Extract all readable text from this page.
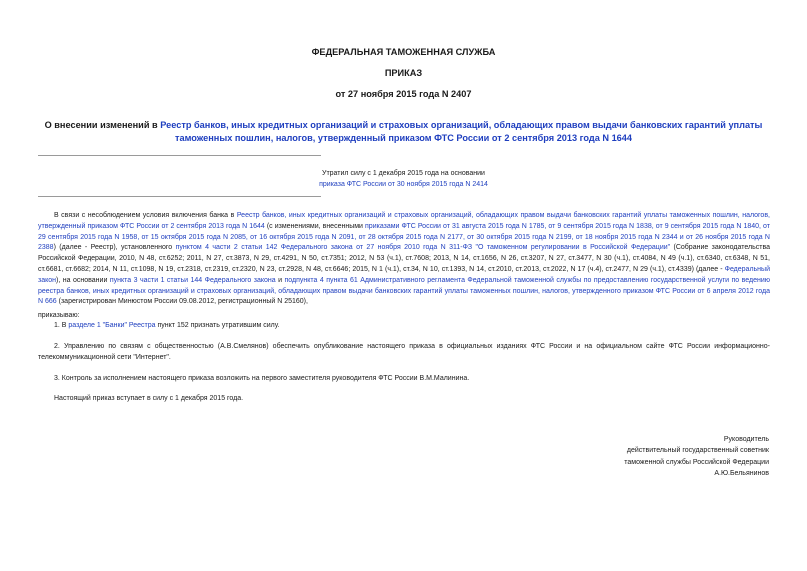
ФЕДЕРАЛЬНАЯ ТАМОЖЕННАЯ СЛУЖБА
ПРИКАЗ
от 27 ноября 2015 года N 2407
О внесении изменений в Реестр банков, иных кредитных организаций и страховых организаций, обладающих правом выдачи банковских гарантий уплаты таможенных пошлин, налогов, утвержденный приказом ФТС России от 2 сентября 2013 года N 1644
Утратил силу с 1 декабря 2015 года на основании
приказа ФТС России от 30 ноября 2015 года N 2414
В связи с несоблюдением условия включения банка в Реестр банков, иных кредитных организаций и страховых организаций, обладающих правом выдачи банковских гарантий уплаты таможенных пошлин, налогов, утвержденный приказом ФТС России от 2 сентября 2013 года N 1644 (с изменениями, внесенными приказами ФТС России от 31 августа 2015 года N 1785, от 9 сентября 2015 года N 1838, от 9 сентября 2015 года N 1840, от 29 сентября 2015 года N 1958, от 15 октября 2015 года N 2085, от 16 октября 2015 года N 2091, от 28 октября 2015 года N 2177, от 30 октября 2015 года N 2199, от 18 ноября 2015 года N 2344 и от 26 ноября 2015 года N 2388) (далее - Реестр), установленного пунктом 4 части 2 статьи 142 Федерального закона от 27 ноября 2010 года N 311-ФЗ "О таможенном регулировании в Российской Федерации" (Собрание законодательства Российской Федерации, 2010, N 48, ст.6252; 2011, N 27, ст.3873, N 29, ст.4291, N 50, ст.7351; 2012, N 53 (ч.1), ст.7608; 2013, N 14, ст.1656, N 26, ст.3207, N 27, ст.3477, N 30 (ч.1), ст.4084, N 49 (ч.1), ст.6340, ст.6348, N 51, ст.6681, ст.6682; 2014, N 11, ст.1098, N 19, ст.2318, ст.2319, ст.2320, N 23, ст.2928, N 48, ст.6646; 2015, N 1 (ч.1), ст.34, N 10, ст.1393, N 14, ст.2010, ст.2013, ст.2022, N 17 (ч.4), ст.2477, N 29 (ч.1), ст.4339) (далее - Федеральный закон), на основании пункта 3 части 1 статьи 144 Федерального закона и подпункта 4 пункта 61 Административного регламента Федеральной таможенной службы по предоставлению государственной услуги по ведению реестра банков, иных кредитных организаций и страховых организаций, обладающих правом выдачи банковских гарантий уплаты таможенных пошлин, налогов, утвержденного приказом ФТС России от 6 апреля 2012 года N 666 (зарегистрирован Минюстом России 09.08.2012, регистрационный N 25160),
приказываю:
1. В разделе 1 "Банки" Реестра пункт 152 признать утратившим силу.
2. Управлению по связям с общественностью (А.В.Смелянов) обеспечить опубликование настоящего приказа в официальных изданиях ФТС России и на официальном сайте ФТС России информационно-телекоммуникационной сети "Интернет".
3. Контроль за исполнением настоящего приказа возложить на первого заместителя руководителя ФТС России В.М.Малинина.
Настоящий приказ вступает в силу с 1 декабря 2015 года.
Руководитель
действительный государственный советник
таможенной службы Российской Федерации
А.Ю.Бельянинов
